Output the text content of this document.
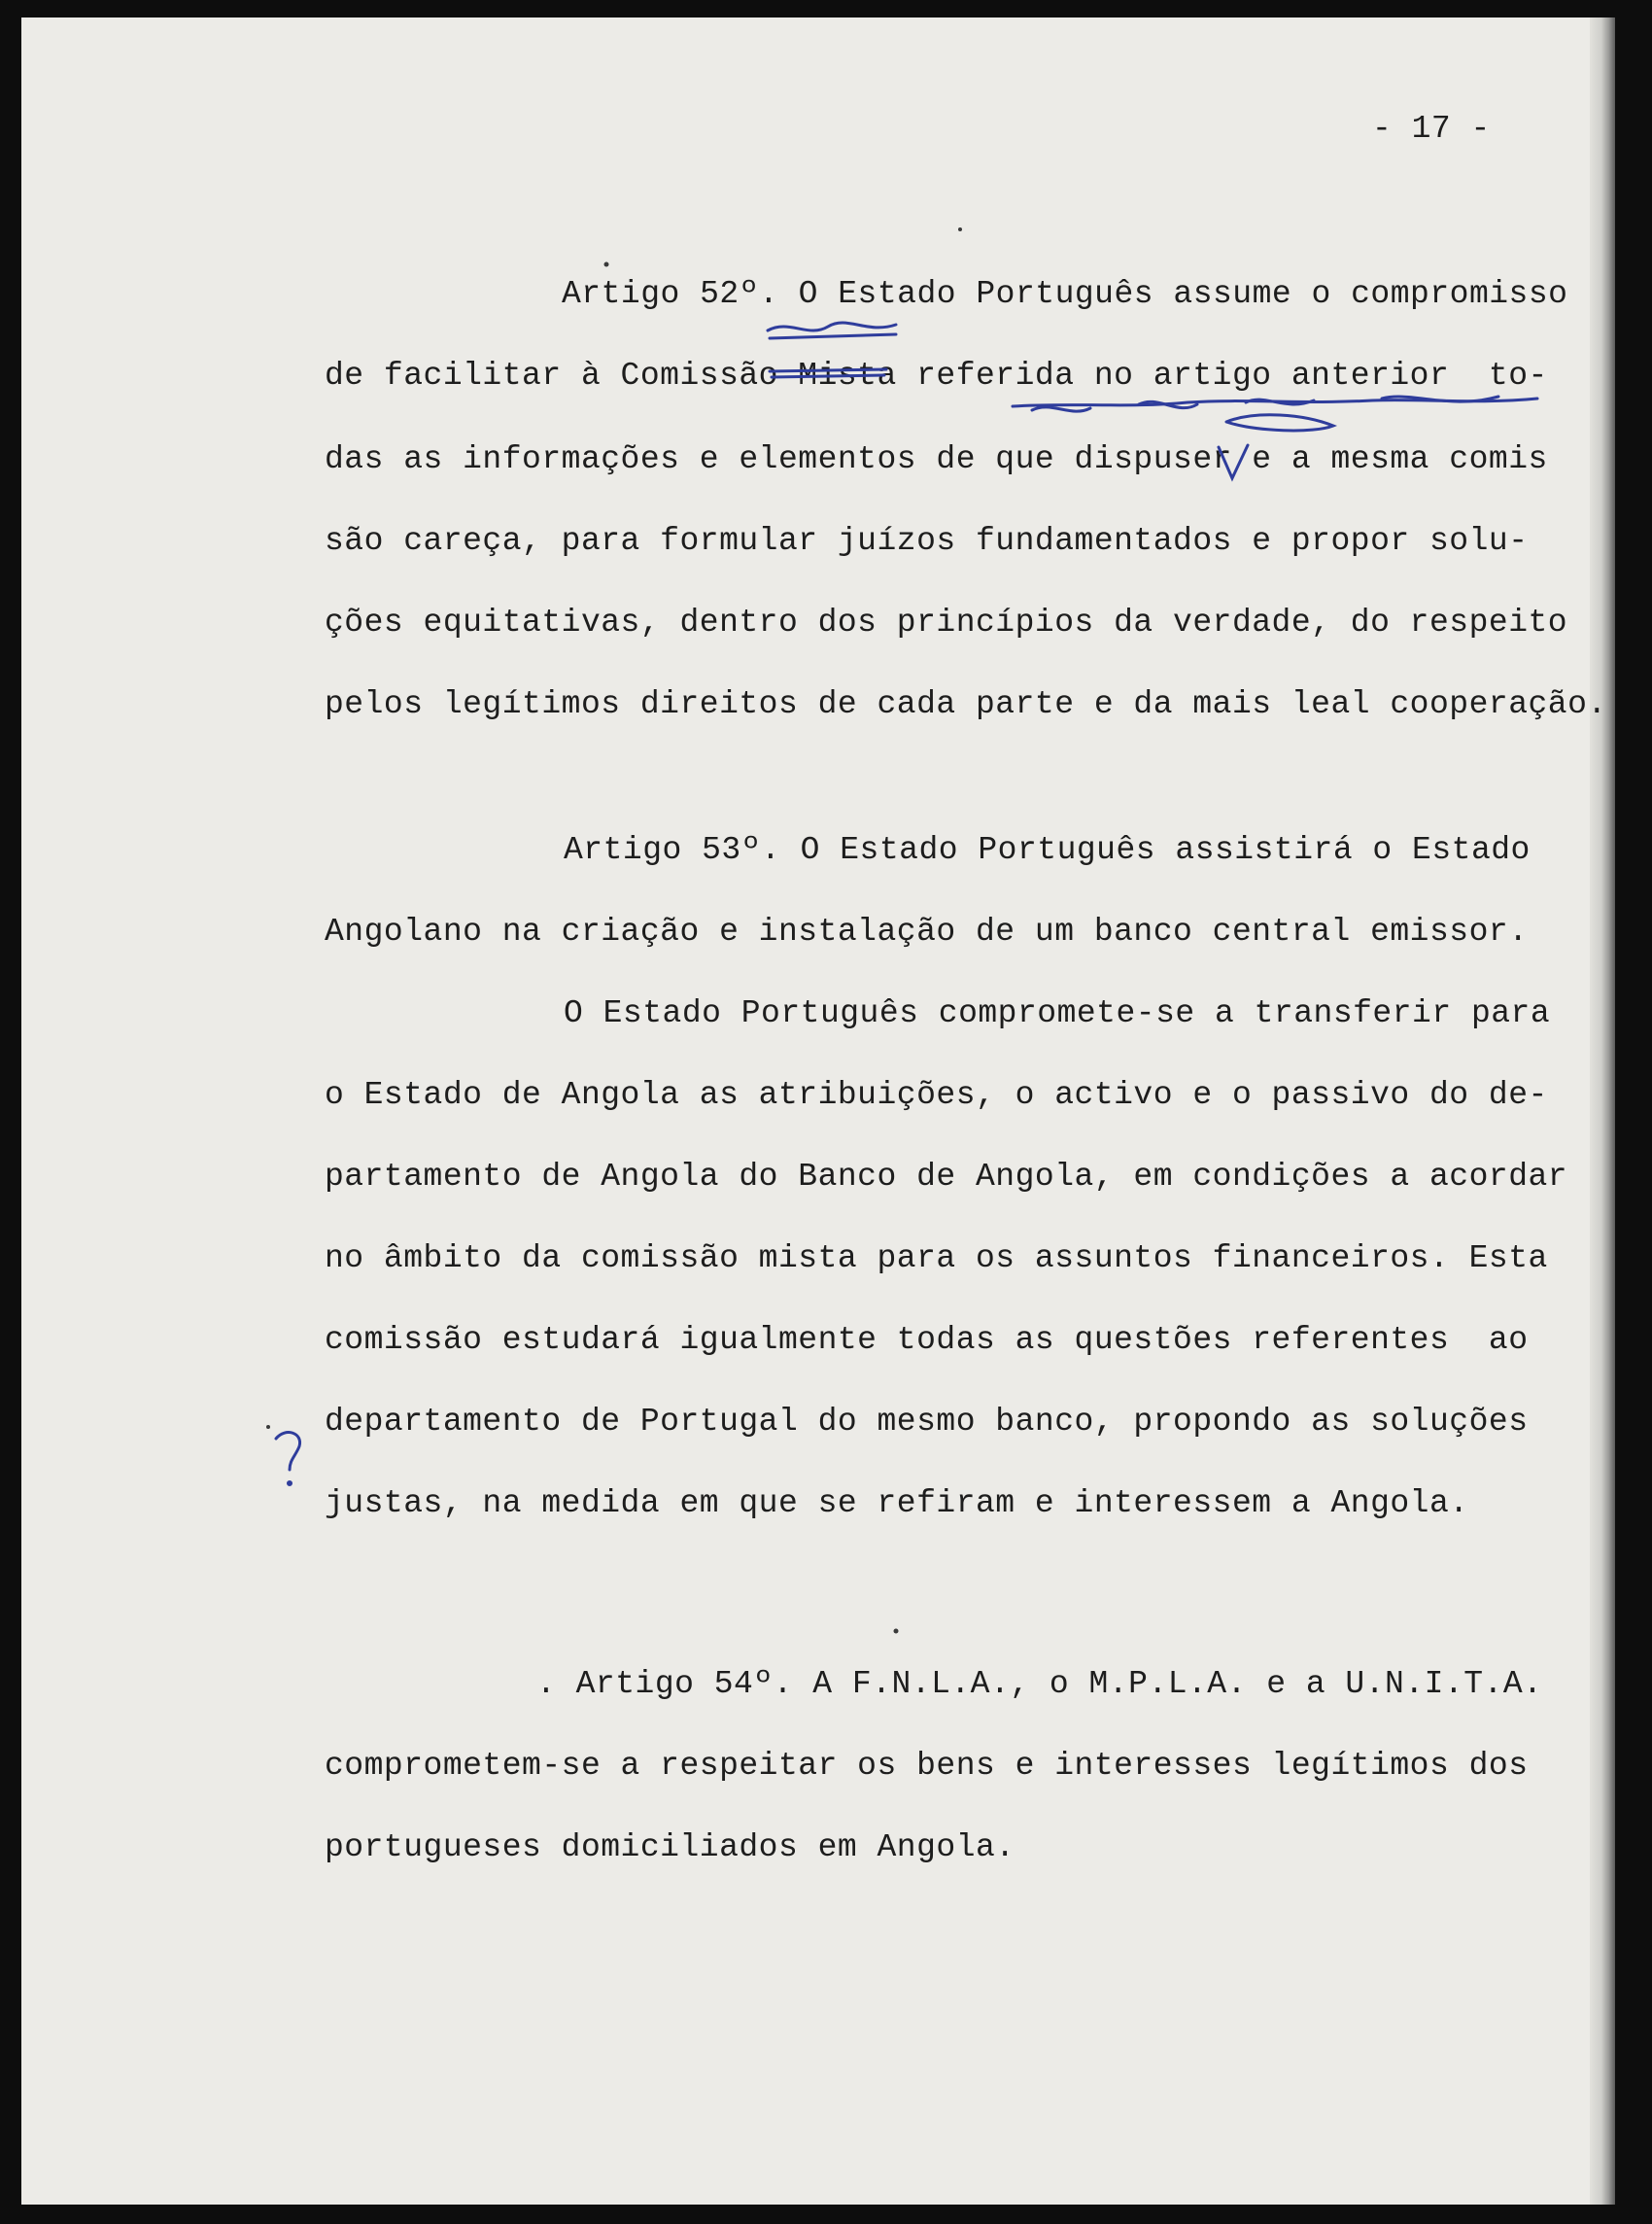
- 17 -
Artigo 52º. O Estado Português assume o compromisso
de facilitar à Comissão Mista referida no artigo anterior  to-
das as informações e elementos de que dispuser e a mesma comis
são careça, para formular juízos fundamentados e propor solu-
ções equitativas, dentro dos princípios da verdade, do respeito
pelos legítimos direitos de cada parte e da mais leal cooperação.
Artigo 53º. O Estado Português assistirá o Estado
Angolano na criação e instalação de um banco central emissor.
O Estado Português compromete-se a transferir para
o Estado de Angola as atribuições, o activo e o passivo do de-
partamento de Angola do Banco de Angola, em condições a acordar
no âmbito da comissão mista para os assuntos financeiros. Esta
comissão estudará igualmente todas as questões referentes  ao
departamento de Portugal do mesmo banco, propondo as soluções
justas, na medida em que se refiram e interessem a Angola.
. Artigo 54º. A F.N.L.A., o M.P.L.A. e a U.N.I.T.A.
comprometem-se a respeitar os bens e interesses legítimos dos
portugueses domiciliados em Angola.
